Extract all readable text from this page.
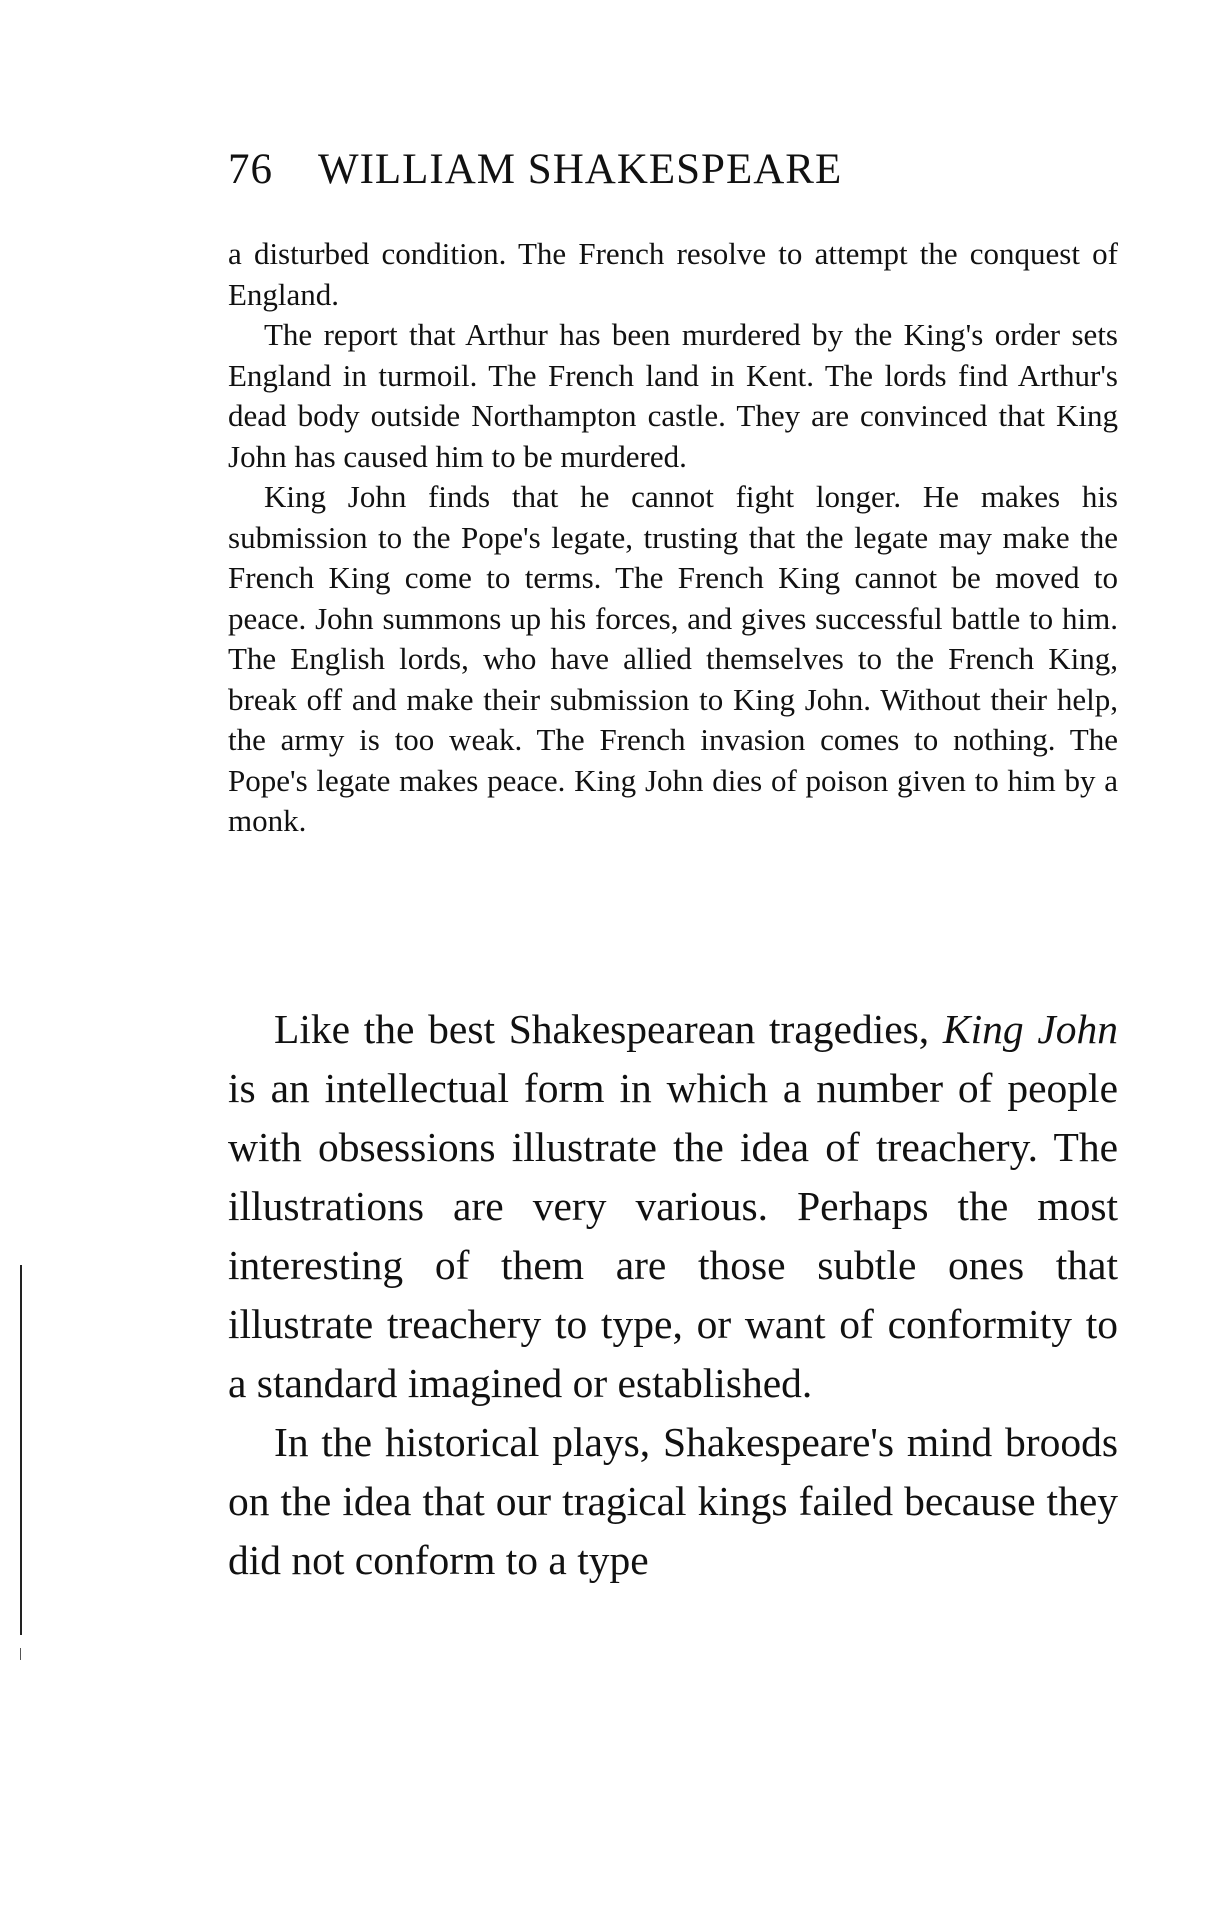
76 WILLIAM SHAKESPEARE

a disturbed condition. The French resolve to attempt the conquest of England.

The report that Arthur has been murdered by the King's order sets England in turmoil. The French land in Kent. The lords find Arthur's dead body outside Northampton castle. They are convinced that King John has caused him to be murdered.

King John finds that he cannot fight longer. He makes his submission to the Pope's legate, trusting that the legate may make the French King come to terms. The French King cannot be moved to peace. John summons up his forces, and gives successful battle to him. The English lords, who have allied themselves to the French King, break off and make their submission to King John. Without their help, the army is too weak. The French invasion comes to nothing. The Pope's legate makes peace. King John dies of poison given to him by a monk.

Like the best Shakespearean tragedies, King John is an intellectual form in which a number of people with obsessions illustrate the idea of treachery. The illustrations are very various. Perhaps the most interesting of them are those subtle ones that illustrate treachery to type, or want of conformity to a standard imagined or established.

In the historical plays, Shakespeare's mind broods on the idea that our tragical kings failed because they did not conform to a type
